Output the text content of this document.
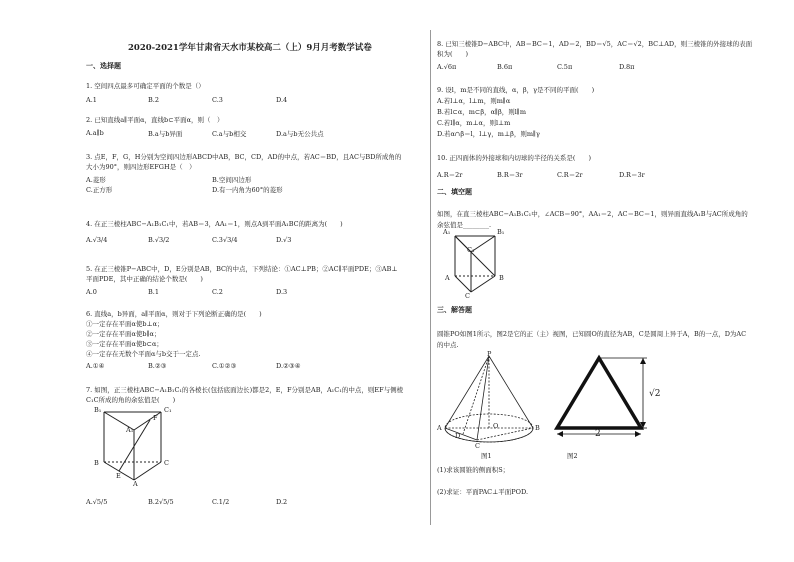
2020-2021学年甘肃省天水市某校高二（上）9月月考数学试卷
一、选择题
1. 空间四点最多可确定平面的个数是（）
A.1	B.2	C.3	D.4
2. 已知直线a∥平面α，直线b⊂平面α，则（　）
A.a∥b	B.a与b异面	C.a与b相交	D.a与b无公共点
3. 点E，F，G，H分别为空间四边形ABCD中AB，BC，CD，AD的中点，若AC＝BD，且AC与BD所成角的
大小为90°，则四边形EFGH是（　）
A.菱形	B.空间四边形
C.正方形	D.有一内角为60°的菱形
4. 在正三棱柱ABC−A₁B₁C₁中，若AB＝3，AA₁＝1，则点A到平面A₁BC的距离为(　　)
A.√3/4	B.√3/2	C.3√3/4	D.√3
5. 在正三棱锥P−ABC中，D，E分别是AB，BC的中点，下列结论：①AC⊥PB；②AC∥平面PDE；③AB⊥
平面PDE，其中正确的结论个数是(　　)
A.0	B.1	C.2	D.3
6. 直线a，b异面，a∥平面α，则对于下列论断正确的是(　　)
①一定存在平面α使b⊥α；
②一定存在平面α使b∥α；
③一定存在平面α使b⊂α；
④一定存在无数个平面α与b交于一定点.
A.①④	B.②③	C.①②③	D.②③④
7. 如图，正三棱柱ABC−A₁B₁C₁的各棱长(包括底面边长)都是2，E，F分别是AB，A₁C₁的中点，则EF与侧棱
C₁C所成的角的余弦值是(　　)
B₁	C₁
F
A₁
B	C
E
A
A.√5/5	B.2√5/5	C.1/2	D.2
8. 已知三棱锥D−ABC中，AB＝BC＝1，AD＝2，BD＝√5，AC＝√2，BC⊥AD，则三棱锥的外接球的表面
积为(　　)
A.√6π	B.6π	C.5π	D.8π
9. 设l，m是不同的直线，α，β，γ是不同的平面(　　)
A.若l⊥α，l⊥m，则m∥α
B.若l⊂α，m⊂β，α∥β，则l∥m
C.若l∥α，m⊥α，则l⊥m
D.若α∩β＝l，l⊥γ，m⊥β，则m∥γ
10. 正四面体的外接球和内切球的半径的关系是(　　)
A.R＝2r	B.R＝3r	C.R＝2r	D.R＝3r
二、填空题
如图，在直三棱柱ABC−A₁B₁C₁中，∠ACB＝90°，AA₁＝2，AC＝BC＝1，则异面直线A₁B与AC所成角的
余弦值是________.
A₁	B₁
C₁
A
C
B
三、解答题
圆锥PO如图1所示，图2是它的正（主）视图，已知圆O的直径为AB，C是圆周上异于A，B的一点，D为AC
的中点.
P
A	B
O
D
C
图1
√2
2
图2
(1)求该圆锥的侧面积S；
(2)求证：平面PAC⊥平面POD.
